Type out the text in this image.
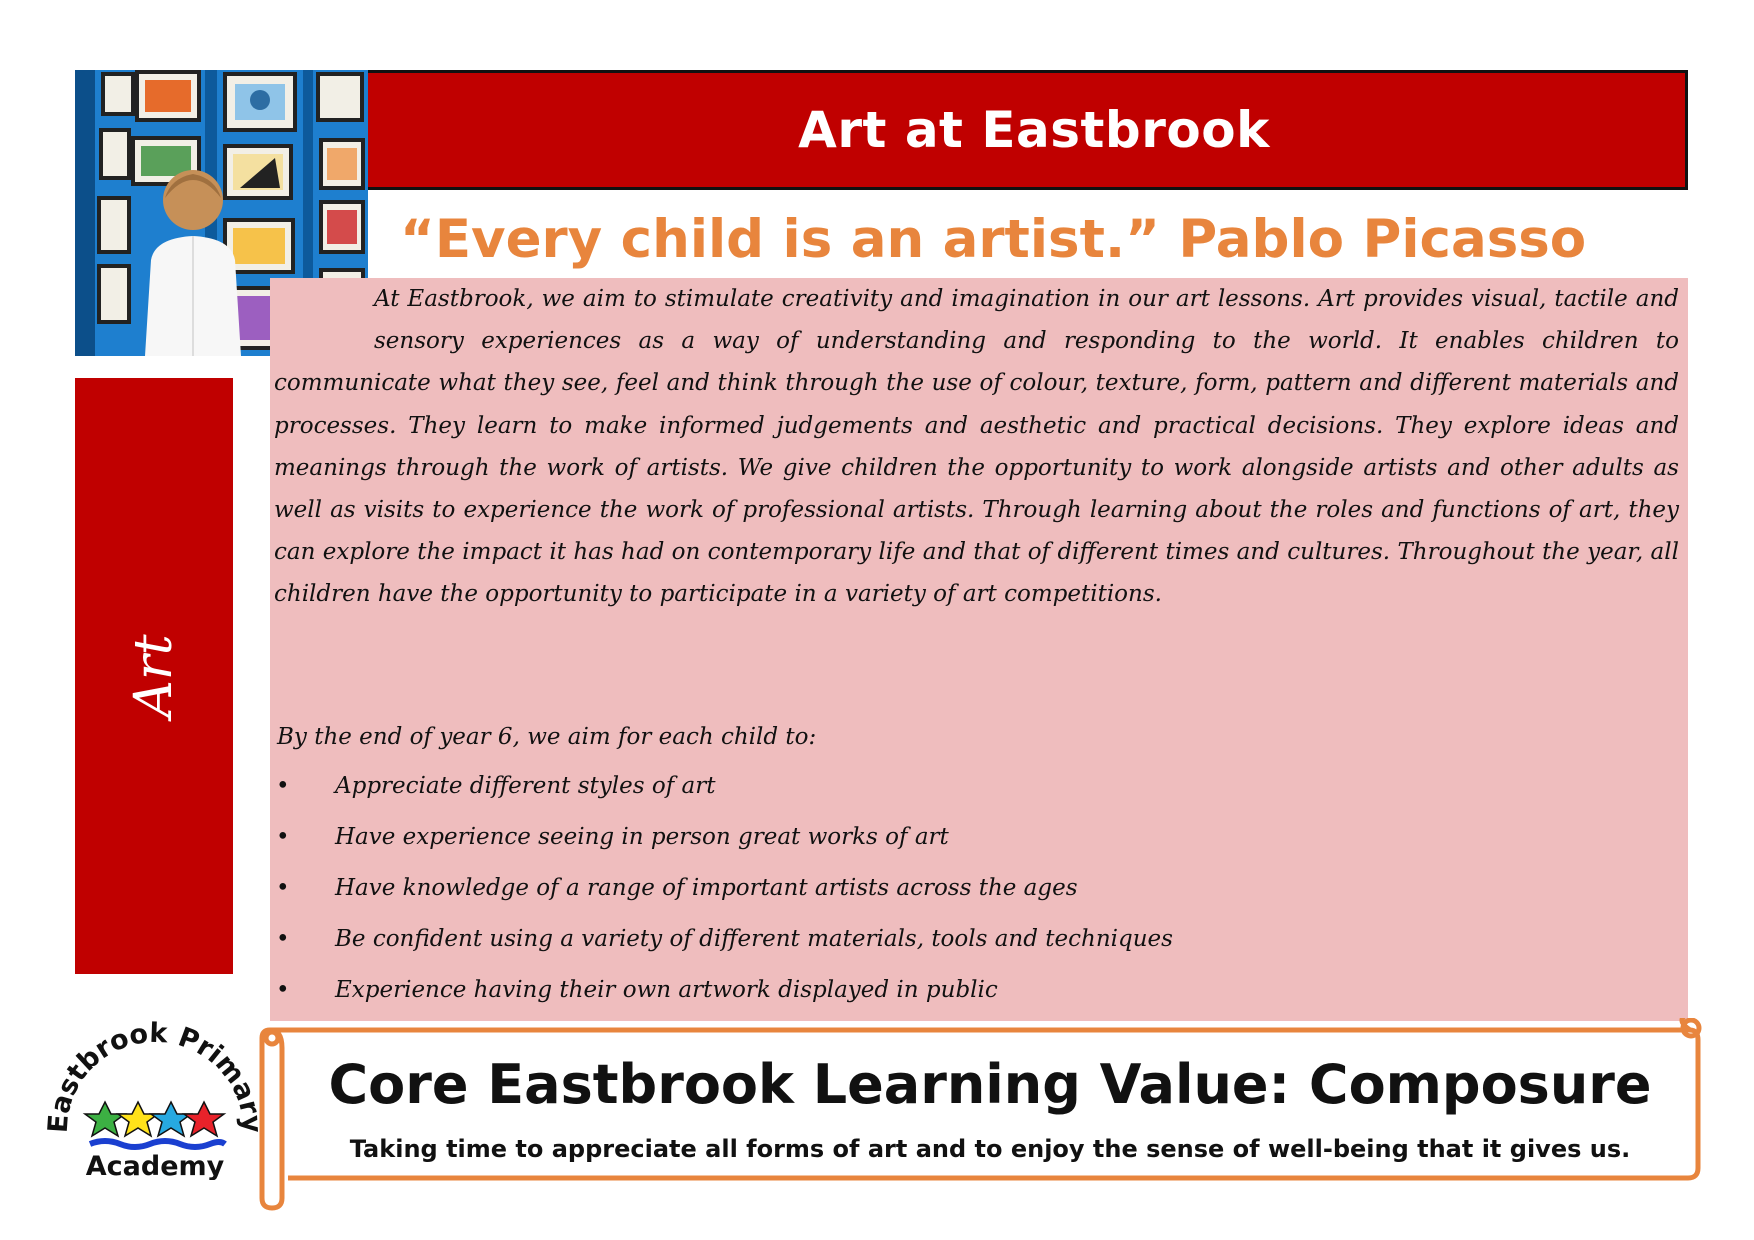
Art at Eastbrook
“Every child is an artist.” Pablo Picasso
Art

At Eastbrook, we aim to stimulate creativity and imagination in our art lessons. Art provides visual, tactile and sensory experiences as a way of understanding and responding to the world. It enables children to communicate what they see, feel and think through the use of colour, texture, form, pattern and different materials and processes. They learn to make informed judgements and aesthetic and practical decisions. They explore ideas and meanings through the work of artists. We give children the opportunity to work alongside artists and other adults as well as visits to experience the work of professional artists. Through learning about the roles and functions of art, they can explore the impact it has had on contemporary life and that of different times and cultures. Throughout the year, all children have the opportunity to participate in a variety of art competitions.

By the end of year 6, we aim for each child to:

• Appreciate different styles of art
• Have experience seeing in person great works of art
• Have knowledge of a range of important artists across the ages
• Be confident using a variety of different materials, tools and techniques
• Experience having their own artwork displayed in public
Eastbrook Primary
Academy
Core Eastbrook Learning Value: Composure
Taking time to appreciate all forms of art and to enjoy the sense of well-being that it gives us.
